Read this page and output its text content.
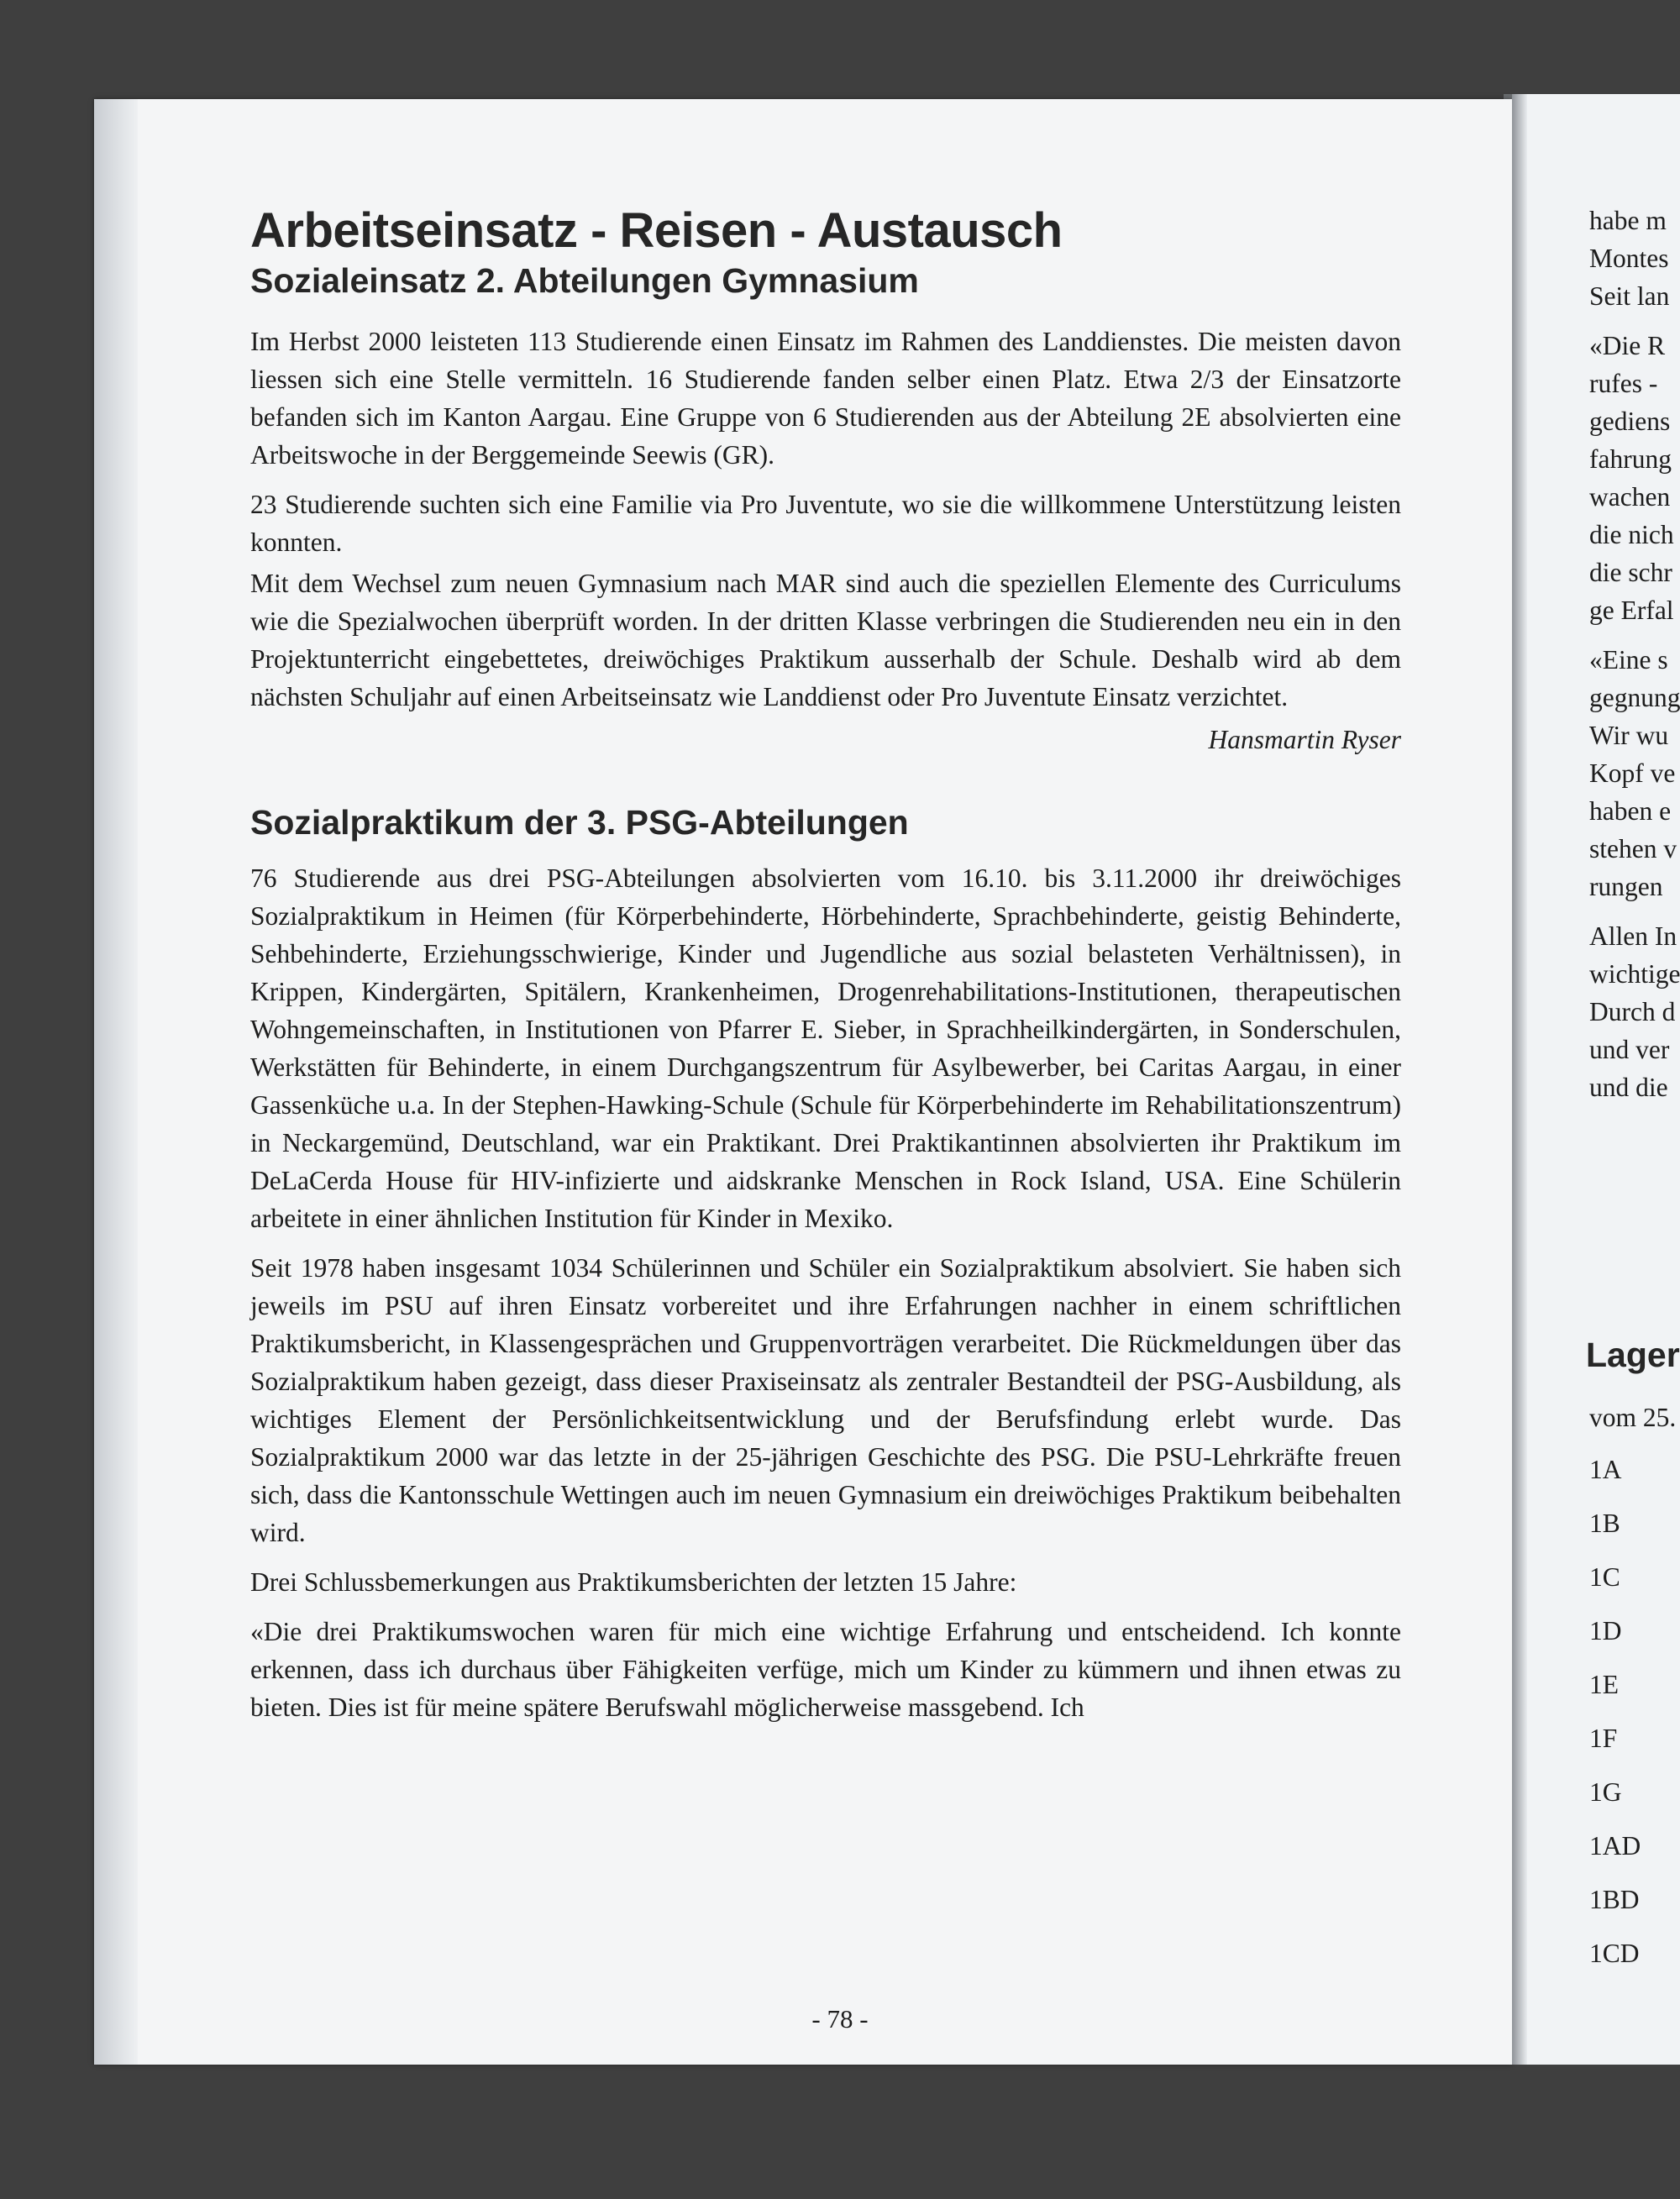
Arbeitseinsatz - Reisen - Austausch
Sozialeinsatz 2. Abteilungen Gymnasium

Im Herbst 2000 leisteten 113 Studierende einen Einsatz im Rahmen des Landdienstes. Die meisten davon liessen sich eine Stelle vermitteln. 16 Studierende fanden selber einen Platz. Etwa 2/3 der Einsatzorte befanden sich im Kanton Aargau. Eine Gruppe von 6 Studierenden aus der Abteilung 2E absolvierten eine Arbeitswoche in der Berggemeinde Seewis (GR).

23 Studierende suchten sich eine Familie via Pro Juventute, wo sie die willkommene Unterstützung leisten konnten.

Mit dem Wechsel zum neuen Gymnasium nach MAR sind auch die speziellen Elemente des Curriculums wie die Spezialwochen überprüft worden. In der dritten Klasse verbringen die Studierenden neu ein in den Projektunterricht eingebettetes, dreiwöchiges Praktikum ausserhalb der Schule. Deshalb wird ab dem nächsten Schuljahr auf einen Arbeitseinsatz wie Landdienst oder Pro Juventute Einsatz verzichtet.

Hansmartin Ryser

Sozialpraktikum der 3. PSG-Abteilungen

76 Studierende aus drei PSG-Abteilungen absolvierten vom 16.10. bis 3.11.2000 ihr dreiwöchiges Sozialpraktikum in Heimen (für Körperbehinderte, Hörbehinderte, Sprachbehinderte, geistig Behinderte, Sehbehinderte, Erziehungsschwierige, Kinder und Jugendliche aus sozial belasteten Verhältnissen), in Krippen, Kindergärten, Spitälern, Krankenheimen, Drogenrehabilitations-Institutionen, therapeutischen Wohngemeinschaften, in Institutionen von Pfarrer E. Sieber, in Sprachheilkindergärten, in Sonderschulen, Werkstätten für Behinderte, in einem Durchgangszentrum für Asylbewerber, bei Caritas Aargau, in einer Gassenküche u.a. In der Stephen-Hawking-Schule (Schule für Körperbehinderte im Rehabilitationszentrum) in Neckargemünd, Deutschland, war ein Praktikant. Drei Praktikantinnen absolvierten ihr Praktikum im DeLaCerda House für HIV-infizierte und aidskranke Menschen in Rock Island, USA. Eine Schülerin arbeitete in einer ähnlichen Institution für Kinder in Mexiko.

Seit 1978 haben insgesamt 1034 Schülerinnen und Schüler ein Sozialpraktikum absolviert. Sie haben sich jeweils im PSU auf ihren Einsatz vorbereitet und ihre Erfahrungen nachher in einem schriftlichen Praktikumsbericht, in Klassengesprächen und Gruppenvorträgen verarbeitet. Die Rückmeldungen über das Sozialpraktikum haben gezeigt, dass dieser Praxiseinsatz als zentraler Bestandteil der PSG-Ausbildung, als wichtiges Element der Persönlichkeitsentwicklung und der Berufsfindung erlebt wurde. Das Sozialpraktikum 2000 war das letzte in der 25-jährigen Geschichte des PSG. Die PSU-Lehrkräfte freuen sich, dass die Kantonsschule Wettingen auch im neuen Gymnasium ein dreiwöchiges Praktikum beibehalten wird.

Drei Schlussbemerkungen aus Praktikumsberichten der letzten 15 Jahre:

«Die drei Praktikumswochen waren für mich eine wichtige Erfahrung und entscheidend. Ich konnte erkennen, dass ich durchaus über Fähigkeiten verfüge, mich um Kinder zu kümmern und ihnen etwas zu bieten. Dies ist für meine spätere Berufswahl möglicherweise massgebend. Ich

- 78 -
habe m
Montes
Seit lan
«Die R
rufes -
gediens
fahrung
wachen
die nich
die schr
ge Erfal
«Eine s
gegnung
Wir wu
Kopf ve
haben e
stehen v
rungen
Allen In
wichtige
Durch d
und ver
und die
Lager
vom 25.
1A
1B
1C
1D
1E
1F
1G
1AD
1BD
1CD
